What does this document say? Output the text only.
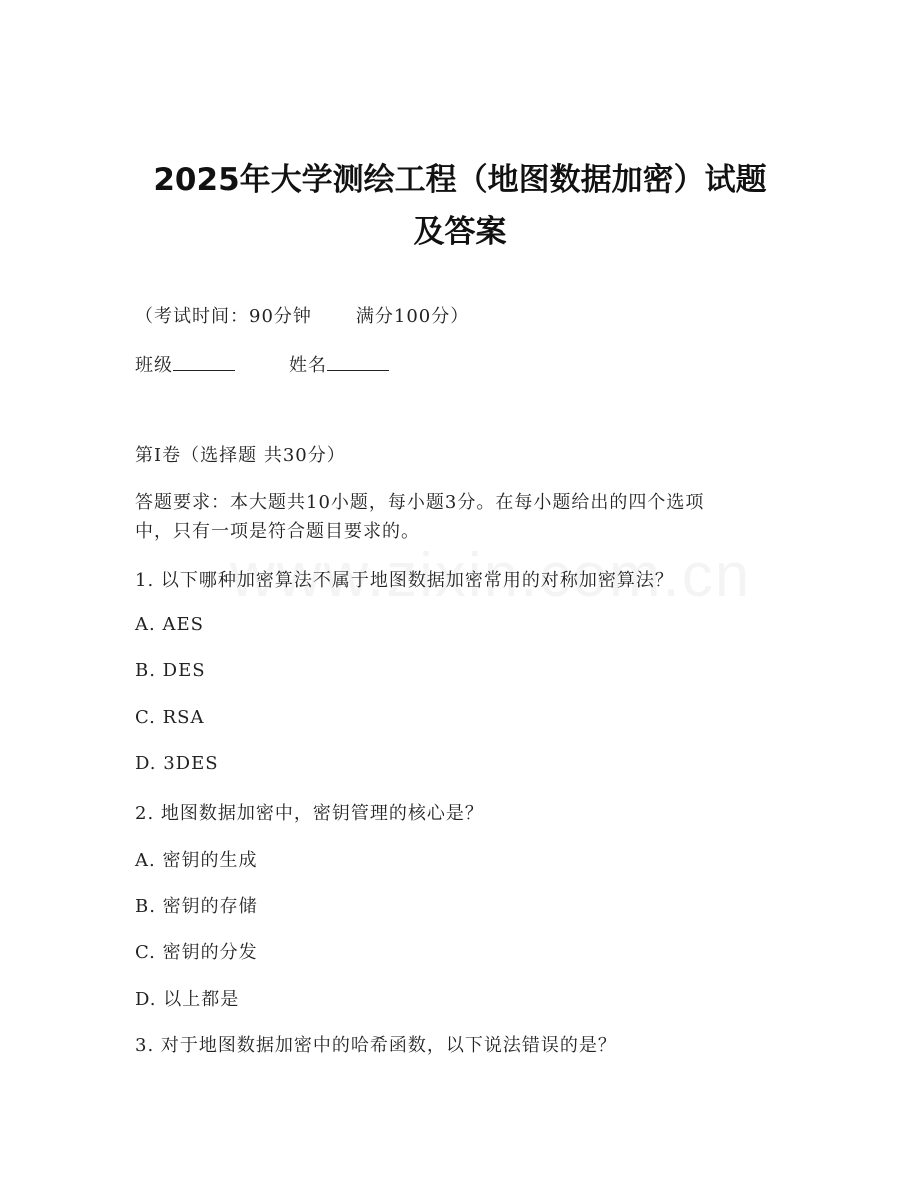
2025年大学测绘工程（地图数据加密）试题
及答案
（考试时间：90分钟 满分100分）
班级	姓名
第I卷（选择题 共30分）
答题要求：本大题共10小题，每小题3分。在每小题给出的四个选项
中，只有一项是符合题目要求的。
1. 以下哪种加密算法不属于地图数据加密常用的对称加密算法？
A. AES
B. DES
C. RSA
D. 3DES
2. 地图数据加密中，密钥管理的核心是？
A. 密钥的生成
B. 密钥的存储
C. 密钥的分发
D. 以上都是
3. 对于地图数据加密中的哈希函数，以下说法错误的是？
